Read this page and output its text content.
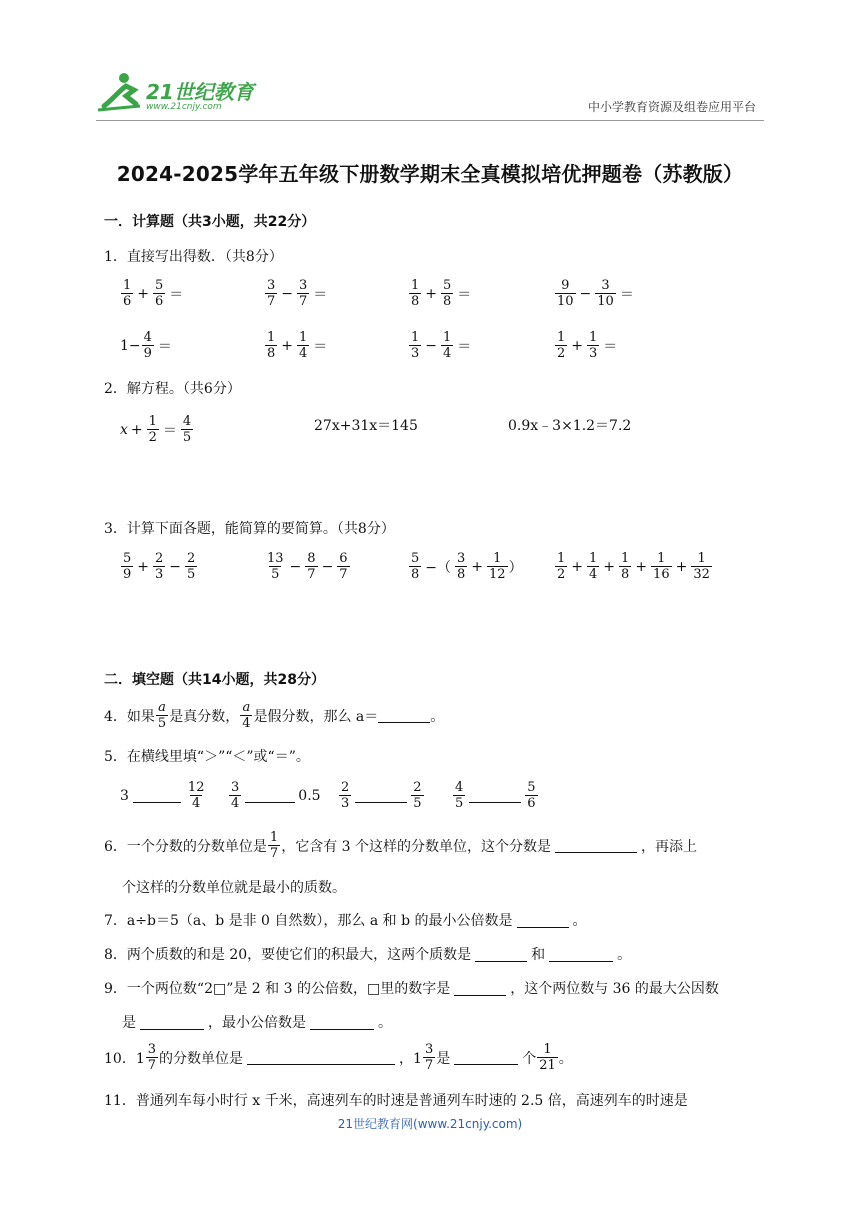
21世纪教育
www.21cnjy.com	中小学教育资源及组卷应用平台
2024-2025学年五年级下册数学期末全真模拟培优押题卷（苏教版）
一．计算题（共3小题，共22分）
1．直接写出得数．（共8分）
$\frac{1}{6} + \frac{5}{6}$ ＝	$\frac{3}{7} - \frac{3}{7}$ ＝	$\frac{1}{8} + \frac{5}{8}$ ＝	$\frac{9}{10} - \frac{3}{10}$ ＝
$1- \frac{4}{9}$ ＝	$\frac{1}{8} + \frac{1}{4}$ ＝	$\frac{1}{3} - \frac{1}{4}$ ＝	$\frac{1}{2} + \frac{1}{3}$ ＝
2．解方程。（共6分）
$x + \frac{1}{2} = \frac{4}{5}$	27x+31x＝145	0.9x﹣3×1.2＝7.2
3．计算下面各题，能简算的要简算。（共8分）
$\frac{5}{9} + \frac{2}{3} - \frac{2}{5}$	$\frac{13}{5} - \frac{8}{7} - \frac{6}{7}$	$\frac{5}{8}$ −（ $\frac{3}{8} + \frac{1}{12}$ ） $\frac{1}{2} + \frac{1}{4} + \frac{1}{8} + \frac{1}{16} + \frac{1}{32}$
二．填空题（共14小题，共28分）
4．如果 $\frac{a}{5}$ 是真分数， $\frac{a}{4}$ 是假分数，那么 a＝	。
5．在横线里填“＞”“＜”或“＝”。
3	$\frac{12}{4} \frac{3}{4}$	$0.5 \frac{2}{3}$	$\frac{2}{5} \frac{4}{5}$	$\frac{5}{6}$
6．一个分数的分数单位是 $\frac{1}{7}$ ，它含有 3 个这样的分数单位，这个分数是	，再添上
个这样的分数单位就是最小的质数。
7．a÷b＝5（a、b 是非 0 自然数），那么 a 和 b 的最小公倍数是	。
8．两个质数的和是 20，要使它们的积最大，这两个质数是	和	。
9．一个两位数“2□”是 2 和 3 的公倍数，□里的数字是	，这个两位数与 36 的最大公因数
是	，最小公倍数是	。
10．$1 \frac{3}{7}$ 的分数单位是	，$1 \frac{3}{7}$ 是	个 $\frac{1}{21}$ 。
11．普通列车每小时行 x 千米，高速列车的时速是普通列车时速的 2.5 倍，高速列车的时速是
21世纪教育网(www.21cnjy.com)
